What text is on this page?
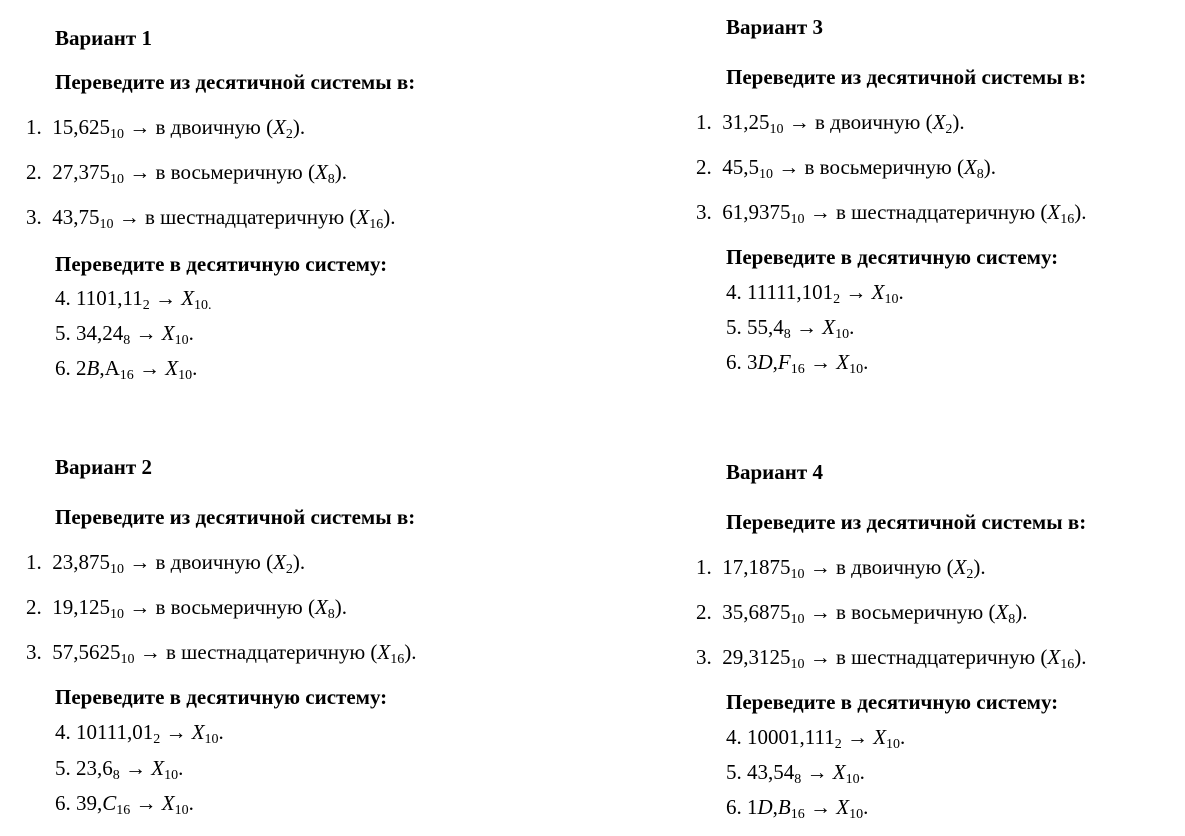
Вариант 1
Переведите из десятичной системы в:
1. $15,625_{10} \to в$ двоичную $(X_2)$.
2. $27,375_{10} \to в$ восьмеричную $(X_8)$.
3. $43,75_{10} \to в$ шестнадцатеричную $(X_{16})$.
Переведите в десятичную систему:
4. $1101,11_2 \to X_{10.}$
5. $34,24_8 \to X_{10}$.
6. $2B,A_{16} \to X_{10}$.
Вариант 2
Переведите из десятичной системы в:
1. $23,875_{10} \to в$ двоичную $(X_2)$.
2. $19,125_{10} \to в$ восьмеричную $(X_8)$.
3. $57,5625_{10} \to в$ шестнадцатеричную $(X_{16})$.
Переведите в десятичную систему:
4. $10111,01_2 \to X_{10}$.
5. $23,6_8 \to X_{10}$.
6. $39,C_{16} \to X_{10}$.
Вариант 3
Переведите из десятичной системы в:
1. $31,25_{10} \to в$ двоичную $(X_2)$.
2. $45,5_{10} \to в$ восьмеричную $(X_8)$.
3. $61,9375_{10} \to в$ шестнадцатеричную $(X_{16})$.
Переведите в десятичную систему:
4. $11111,101_2 \to X_{10}$.
5. $55,4_8 \to X_{10}$.
6. $3D,F_{16} \to X_{10}$.
Вариант 4
Переведите из десятичной системы в:
1. $17,1875_{10} \to в$ двоичную $(X_2)$.
2. $35,6875_{10} \to в$ восьмеричную $(X_8)$.
3. $29,3125_{10} \to в$ шестнадцатеричную $(X_{16})$.
Переведите в десятичную систему:
4. $10001,111_2 \to X_{10}$.
5. $43,54_8 \to X_{10}$.
6. $1D,B_{16} \to X_{10}$.
